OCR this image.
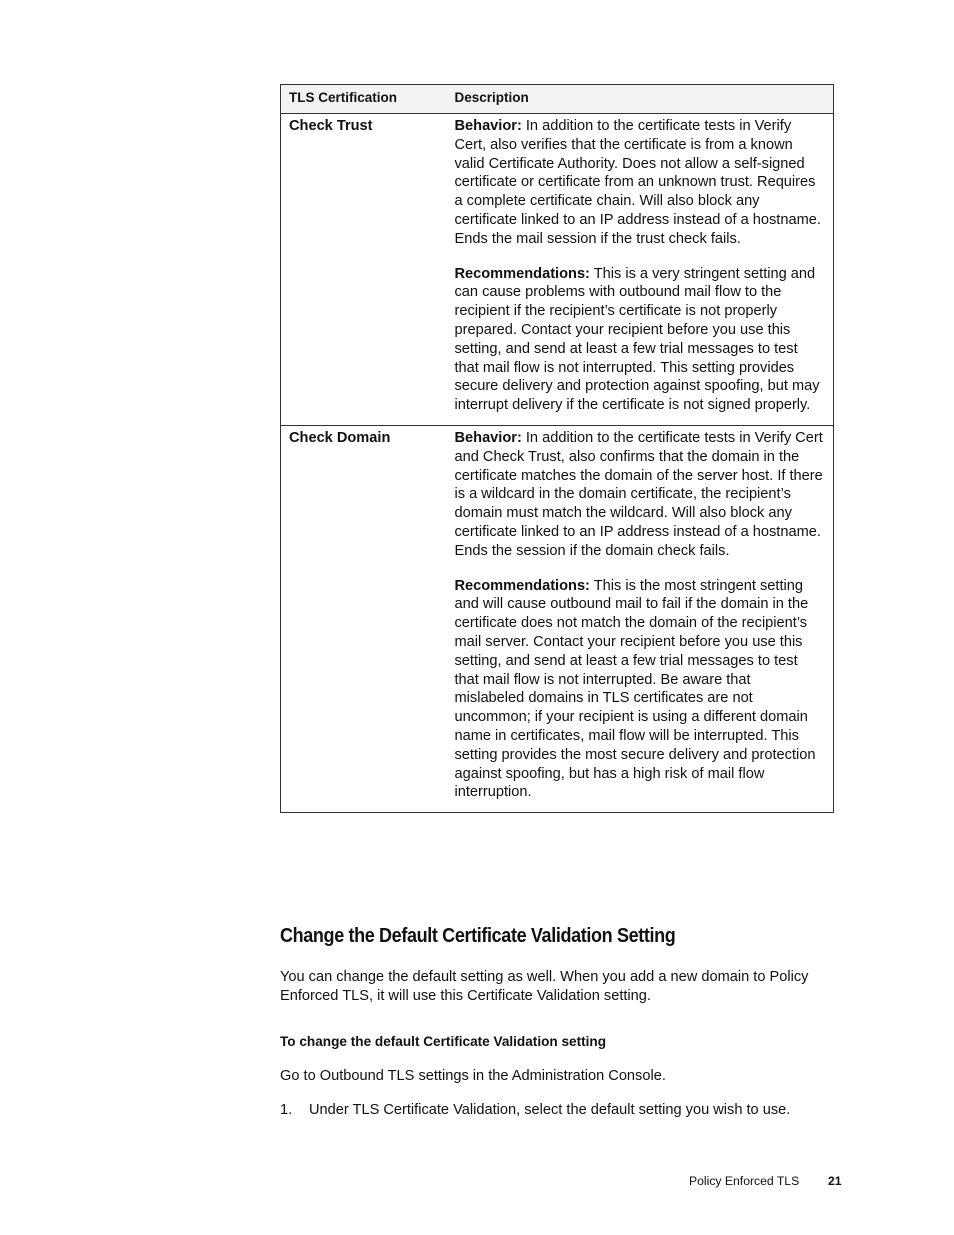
TLS Certification	Description
Check Trust	Behavior: In addition to the certificate tests in Verify Cert, also verifies that the certificate is from a known valid Certificate Authority. Does not allow a self-signed certificate or certificate from an unknown trust. Requires a complete certificate chain. Will also block any certificate linked to an IP address instead of a hostname. Ends the mail session if the trust check fails.

Recommendations: This is a very stringent setting and can cause problems with outbound mail flow to the recipient if the recipient’s certificate is not properly prepared. Contact your recipient before you use this setting, and send at least a few trial messages to test that mail flow is not interrupted. This setting provides secure delivery and protection against spoofing, but may interrupt delivery if the certificate is not signed properly.

Check Domain	Behavior: In addition to the certificate tests in Verify Cert and Check Trust, also confirms that the domain in the certificate matches the domain of the server host. If there is a wildcard in the domain certificate, the recipient’s domain must match the wildcard. Will also block any certificate linked to an IP address instead of a hostname. Ends the session if the domain check fails.

Recommendations: This is the most stringent setting and will cause outbound mail to fail if the domain in the certificate does not match the domain of the recipient’s mail server. Contact your recipient before you use this setting, and send at least a few trial messages to test that mail flow is not interrupted. Be aware that mislabeled domains in TLS certificates are not uncommon; if your recipient is using a different domain name in certificates, mail flow will be interrupted. This setting provides the most secure delivery and protection against spoofing, but has a high risk of mail flow interruption.

Change the Default Certificate Validation Setting

You can change the default setting as well. When you add a new domain to Policy Enforced TLS, it will use this Certificate Validation setting.

To change the default Certificate Validation setting

Go to Outbound TLS settings in the Administration Console.

1.	Under TLS Certificate Validation, select the default setting you wish to use.

Policy Enforced TLS	21
